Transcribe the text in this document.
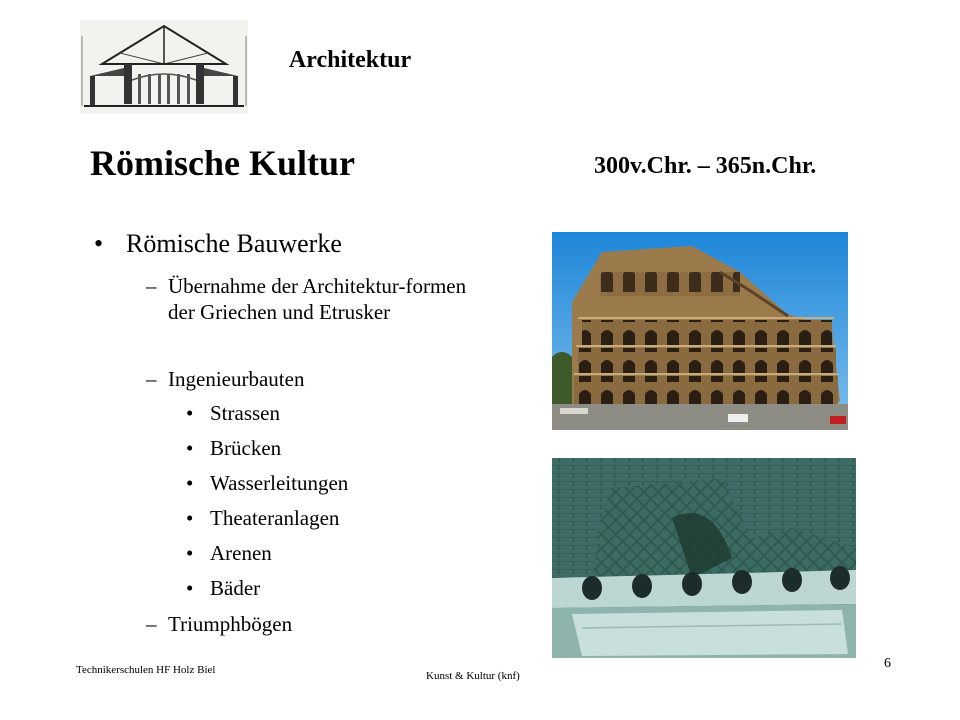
Architektur
Römische Kultur	300v.Chr. – 365n.Chr.
• Römische Bauwerke
– Übernahme der Architektur-formen der Griechen und Etrusker
– Ingenieurbauten
• Strassen
• Brücken
• Wasserleitungen
• Theateranlagen
• Arenen
• Bäder
– Triumphbögen
Technikerschulen HF Holz Biel	Kunst & Kultur (knf)
6
